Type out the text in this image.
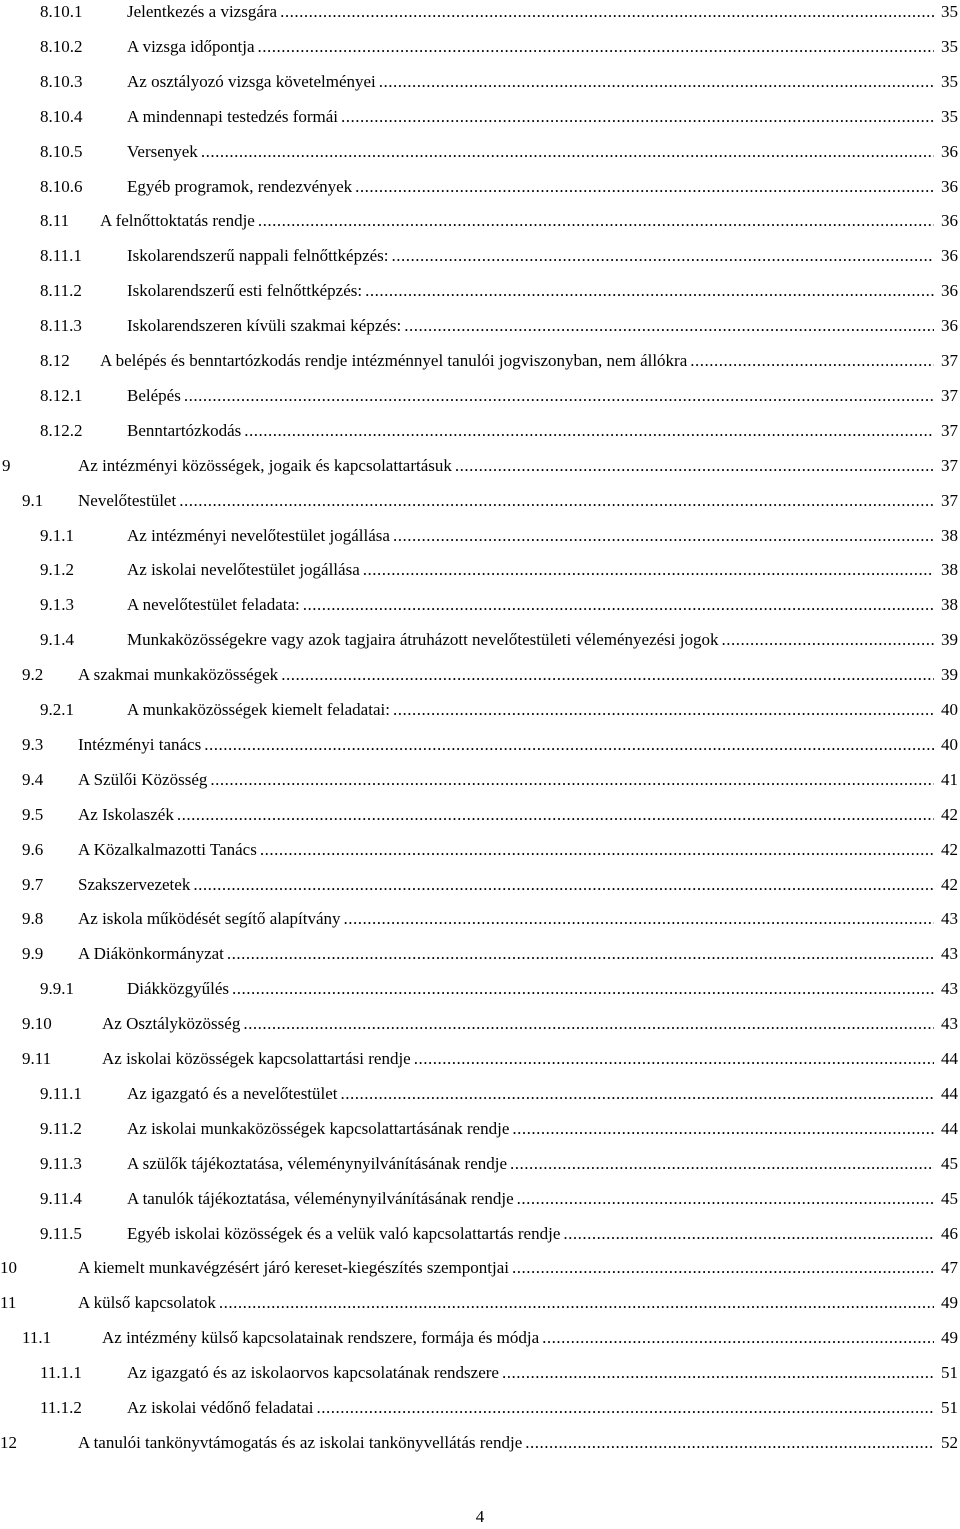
8.10.1 .....	Jelentkezés a vizsgára	35
8.10.2 .....	A vizsga időpontja	35
8.10.3 .....	Az osztályozó vizsga követelményei	35
8.10.4 .....	A mindennapi testedzés formái	35
8.10.5 .....	Versenyek	36
8.10.6 .....	Egyéb programok, rendezvények	36
8.11 ..... A felnőttoktatás rendje	36
8.11.1 .....	Iskolarendszerű nappali felnőttképzés:	36
8.11.2 .....	Iskolarendszerű esti felnőttképzés:	36
8.11.3 .....	Iskolarendszeren kívüli szakmai képzés:	36
8.12 ..... A belépés és benntartózkodás rendje intézménnyel tanulói jogviszonyban, nem állókra	37
8.12.1 .....	Belépés	37
8.12.2 .....	Benntartózkodás	37
9 .....	Az intézményi közösségek, jogaik és kapcsolattartásuk	37
9.1 ..... Nevelőtestület	37
9.1.1 .....	Az intézményi nevelőtestület jogállása	38
9.1.2 .....	Az iskolai nevelőtestület jogállása	38
9.1.3 .....	A nevelőtestület feladata:	38
9.1.4 .....	Munkaközösségekre vagy azok tagjaira átruházott nevelőtestületi véleményezési jogok	39
9.2 ..... A szakmai munkaközösségek	39
9.2.1 .....	A munkaközösségek kiemelt feladatai:	40
9.3 ..... Intézményi tanács	40
9.4 ..... A Szülői Közösség	41
9.5 ..... Az Iskolaszék	42
9.6 ..... A Közalkalmazotti Tanács	42
9.7 ..... Szakszervezetek	42
9.8 ..... Az iskola működését segítő alapítvány	43
9.9 ..... A Diákönkormányzat	43
9.9.1 .....	Diákközgyűlés	43
9.10 .....	Az Osztályközösség	43
9.11 .....	Az iskolai közösségek kapcsolattartási rendje	44
9.11.1 .....	Az igazgató és a nevelőtestület	44
9.11.2 .....	Az iskolai munkaközösségek kapcsolattartásának rendje	44
9.11.3 .....	A szülők tájékoztatása, véleménynyilvánításának rendje	45
9.11.4 .....	A tanulók tájékoztatása, véleménynyilvánításának rendje	45
9.11.5 .....	Egyéb iskolai közösségek és a velük való kapcsolattartás rendje	46
10 .....	A kiemelt munkavégzésért járó kereset-kiegészítés szempontjai	47
11 .....	A külső kapcsolatok	49
11.1 .....	Az intézmény külső kapcsolatainak rendszere, formája és módja	49
11.1.1 .....	Az igazgató és az iskolaorvos kapcsolatának rendszere	51
11.1.2 .....	Az iskolai védőnő feladatai	51
12 .....	A tanulói tankönyvtámogatás és az iskolai tankönyvellátás rendje	52
4
